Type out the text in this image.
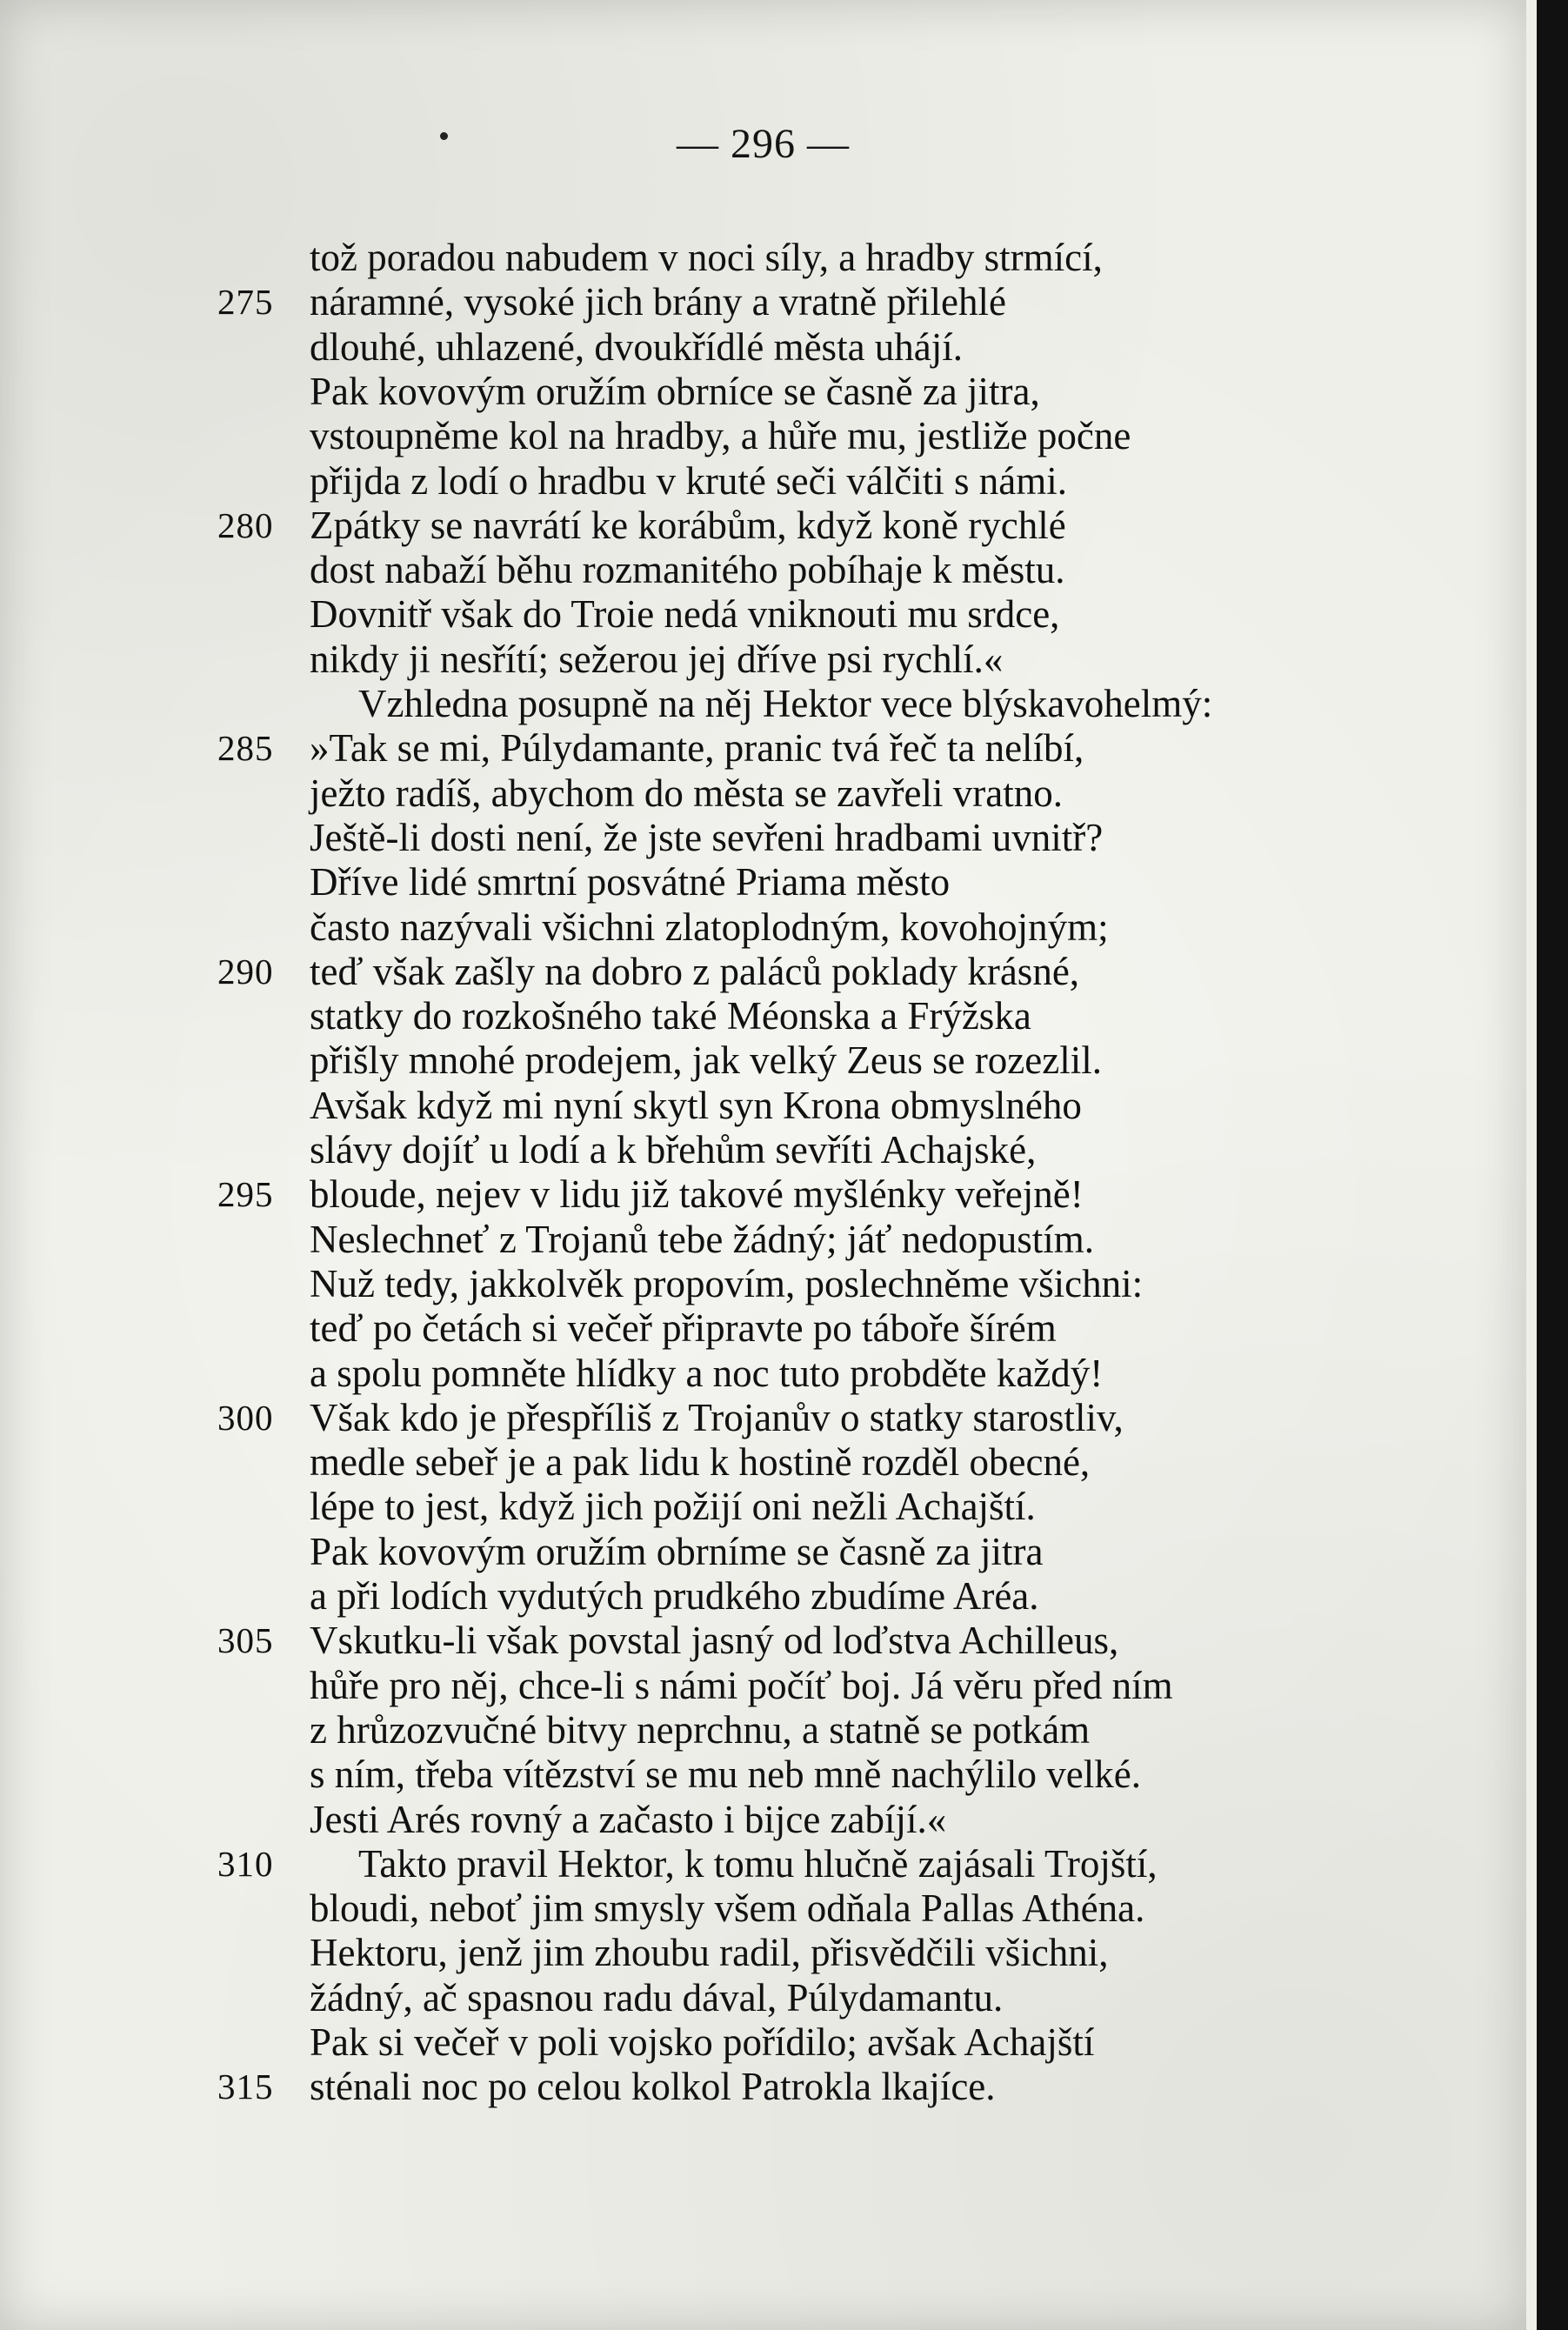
— 296 —
tož poradou nabudem v noci síly, a hradby strmící,
275 náramné, vysoké jich brány a vratně přilehlé
dlouhé, uhlazené, dvoukřídlé města uhájí.
Pak kovovým oružím obrníce se časně za jitra,
vstoupněme kol na hradby, a hůře mu, jestliže počne
přijda z lodí o hradbu v kruté seči válčiti s námi.
280 Zpátky se navrátí ke korábům, když koně rychlé
dost nabaží běhu rozmanitého pobíhaje k městu.
Dovnitř však do Troie nedá vniknouti mu srdce,
nikdy ji nesřítí; sežerou jej dříve psi rychlí.«
Vzhledna posupně na něj Hektor vece blýskavohelmý:
285 »Tak se mi, Púlydamante, pranic tvá řeč ta nelíbí,
ježto radíš, abychom do města se zavřeli vratno.
Ještě-li dosti není, že jste sevřeni hradbami uvnitř?
Dříve lidé smrtní posvátné Priama město
často nazývali všichni zlatoplodným, kovohojným;
290 teď však zašly na dobro z paláců poklady krásné,
statky do rozkošného také Méonska a Frýžska
přišly mnohé prodejem, jak velký Zeus se rozezlil.
Avšak když mi nyní skytl syn Krona obmyslného
slávy dojíť u lodí a k břehům sevříti Achajské,
295 bloude, nejev v lidu již takové myšlénky veřejně!
Neslechneť z Trojanů tebe žádný; jáť nedopustím.
Nuž tedy, jakkolvěk propovím, poslechněme všichni:
teď po četách si večeř připravte po táboře šírém
a spolu pomněte hlídky a noc tuto probděte každý!
300 Však kdo je přespříliš z Trojanův o statky starostliv,
medle sebeř je a pak lidu k hostině rozděl obecné,
lépe to jest, když jich požijí oni nežli Achajští.
Pak kovovým oružím obrníme se časně za jitra
a při lodích vydutých prudkého zbudíme Aréa.
305 Vskutku-li však povstal jasný od loďstva Achilleus,
hůře pro něj, chce-li s námi počíť boj. Já věru před ním
z hrůzozvučné bitvy neprchnu, a statně se potkám
s ním, třeba vítězství se mu neb mně nachýlilo velké.
Jesti Arés rovný a začasto i bijce zabíjí.«
310	Takto pravil Hektor, k tomu hlučně zajásali Trojští,
bloudi, neboť jim smysly všem odňala Pallas Athéna.
Hektoru, jenž jim zhoubu radil, přisvědčili všichni,
žádný, ač spasnou radu dával, Púlydamantu.
Pak si večeř v poli vojsko pořídilo; avšak Achajští
315 sténali noc po celou kolkol Patrokla lkajíce.
